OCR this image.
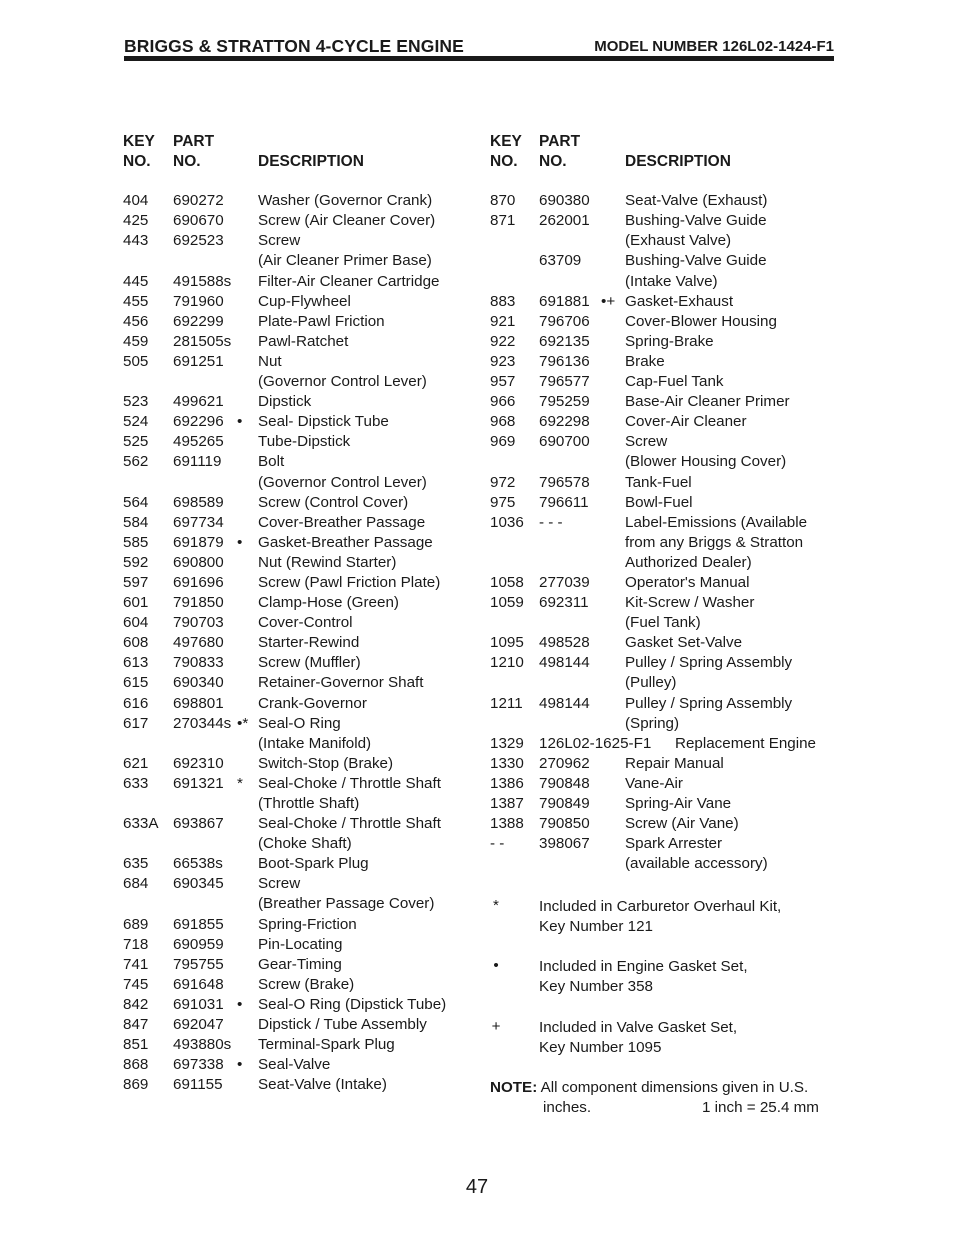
BRIGGS & STRATTON 4-CYCLE ENGINE	MODEL NUMBER 126L02-1424-F1
KEY PART
NO. NO.	DESCRIPTION
404 690272 Washer (Governor Crank)
425 690670 Screw (Air Cleaner Cover)
443 692523 Screw
(Air Cleaner Primer Base)
445 491588s Filter-Air Cleaner Cartridge
455 791960 Cup-Flywheel
456 692299 Plate-Pawl Friction
459 281505s Pawl-Ratchet
505 691251 Nut
(Governor Control Lever)
523 499621 Dipstick
524 692296 • Seal- Dipstick Tube
525 495265 Tube-Dipstick
562 691119 Bolt
(Governor Control Lever)
564 698589 Screw (Control Cover)
584 697734 Cover-Breather Passage
585 691879 • Gasket-Breather Passage
592 690800 Nut (Rewind Starter)
597 691696 Screw (Pawl Friction Plate)
601 791850 Clamp-Hose (Green)
604 790703 Cover-Control
608 497680 Starter-Rewind
613 790833 Screw (Muffler)
615 690340 Retainer-Governor Shaft
616 698801 Crank-Governor
617 270344s •* Seal-O Ring
(Intake Manifold)
621 692310 Switch-Stop (Brake)
633 691321 * Seal-Choke / Throttle Shaft
(Throttle Shaft)
633A 693867 Seal-Choke / Throttle Shaft
(Choke Shaft)
635 66538s Boot-Spark Plug
684 690345 Screw
(Breather Passage Cover)
689 691855 Spring-Friction
718 690959 Pin-Locating
741 795755 Gear-Timing
745 691648 Screw (Brake)
842 691031 • Seal-O Ring (Dipstick Tube)
847 692047 Dipstick / Tube Assembly
851 493880s Terminal-Spark Plug
868 697338 • Seal-Valve
869 691155 Seat-Valve (Intake)
KEY PART
NO. NO.	DESCRIPTION
870 690380 Seat-Valve (Exhaust)
871 262001 Bushing-Valve Guide
(Exhaust Valve)
63709	Bushing-Valve Guide
(Intake Valve)
883 691881 •+ Gasket-Exhaust
921 796706 Cover-Blower Housing
922 692135 Spring-Brake
923 796136 Brake
957 796577 Cap-Fuel Tank
966 795259 Base-Air Cleaner Primer
968 692298 Cover-Air Cleaner
969 690700 Screw
(Blower Housing Cover)
972 796578 Tank-Fuel
975 796611 Bowl-Fuel
1036 - - -	Label-Emissions (Available
from any Briggs & Stratton
Authorized Dealer)
1058 277039 Operator's Manual
1059 692311 Kit-Screw / Washer
(Fuel Tank)
1095 498528 Gasket Set-Valve
1210 498144 Pulley / Spring Assembly
(Pulley)
1211 498144 Pulley / Spring Assembly
(Spring)
1329 126L02-1625-F1 Replacement Engine
1330 270962 Repair Manual
1386 790848 Vane-Air
1387 790849 Spring-Air Vane
1388 790850 Screw (Air Vane)
- - 398067 Spark Arrester
(available accessory)
*	Included in Carburetor Overhaul Kit,
Key Number 121
•	Included in Engine Gasket Set,
Key Number 358
+	Included in Valve Gasket Set,
Key Number 1095
NOTE: All component dimensions given in U.S.
inches.	1 inch = 25.4 mm
47
